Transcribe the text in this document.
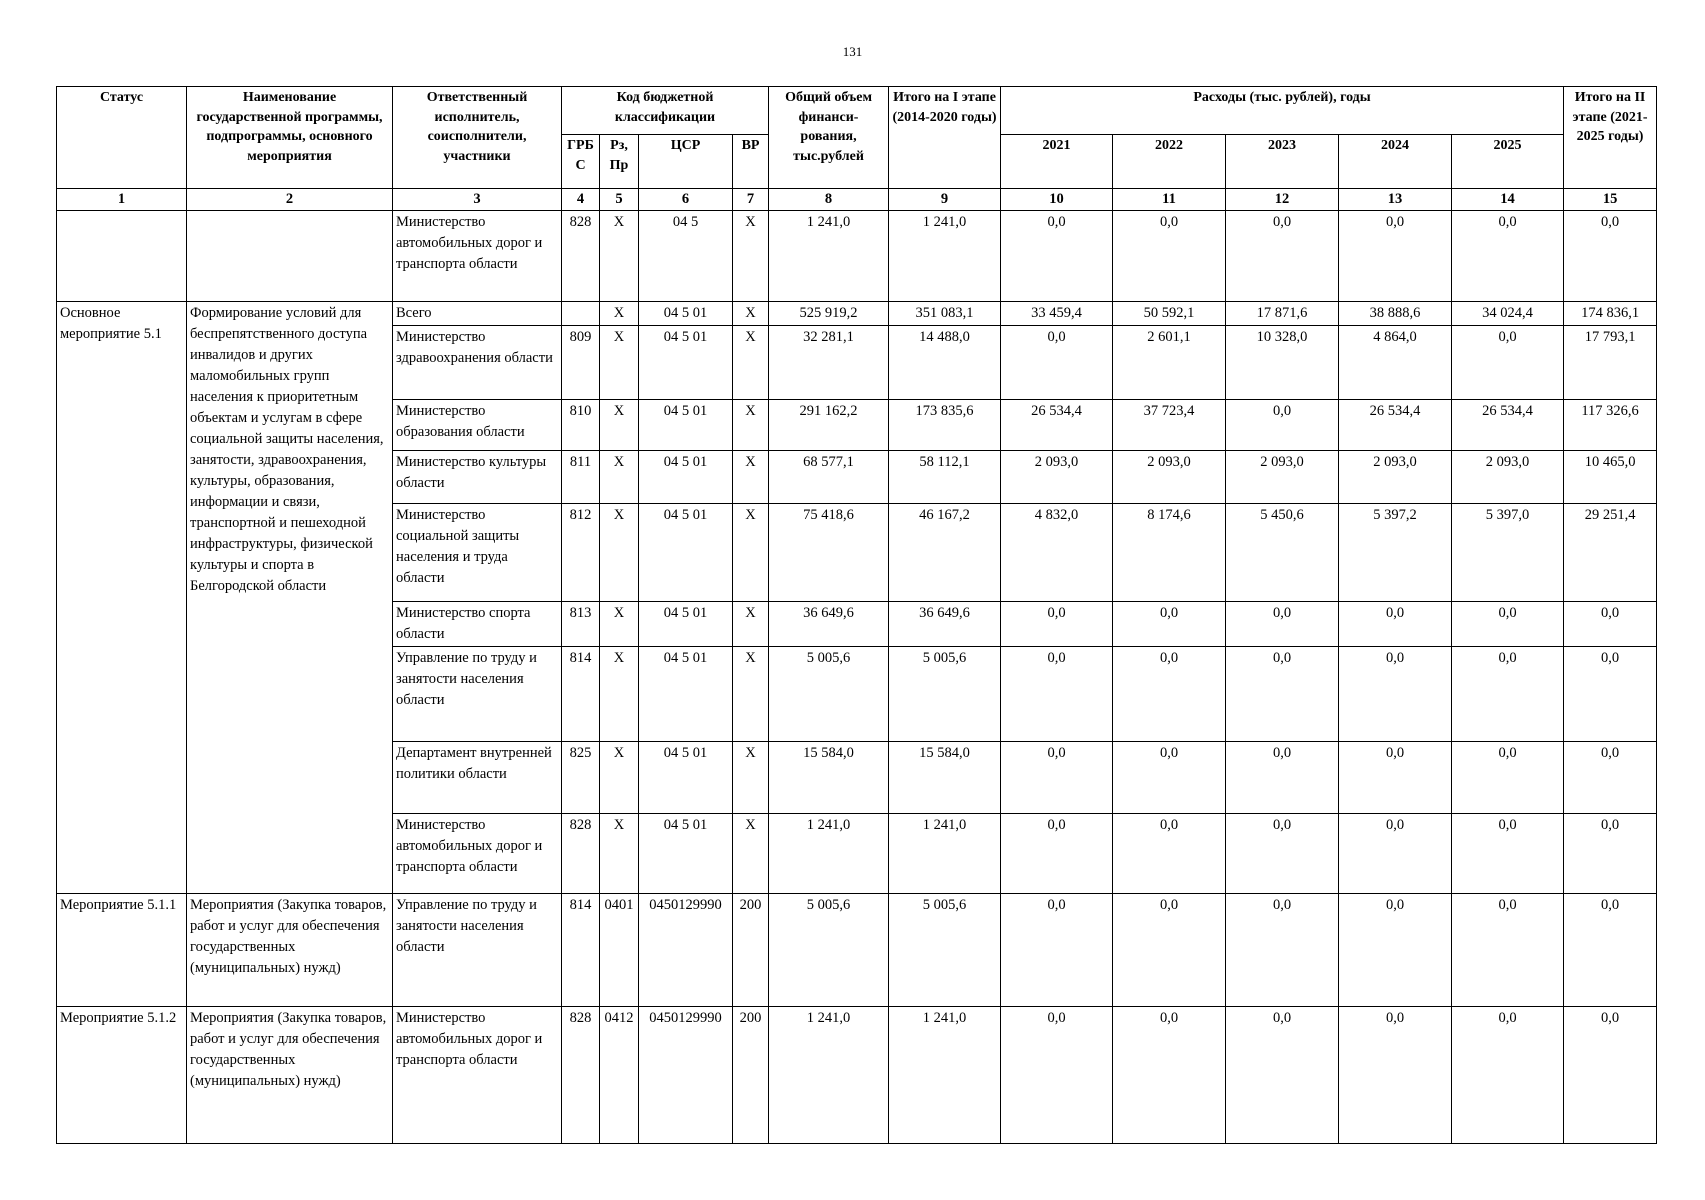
131
Статус	Наименование государственной программы, подпрограммы, основного мероприятия	Ответственный исполнитель, соисполнители, участники	Код бюджетной классификации				Общий объем финанси-рования, тыс.рублей	Итого на I этапе (2014-2020 годы)	Расходы (тыс. рублей), годы					Итого на II этапе (2021-2025 годы)
			ГРБ С	Рз, Пр	ЦСР	ВР			2021	2022	2023	2024	2025	

1	2	3	4	5	6	7	8	9	10	11	12	13	14	15
		Министерство автомобильных дорог и транспорта области	828	X	04 5	X	1 241,0	1 241,0	0,0	0,0	0,0	0,0	0,0	0,0
Основное мероприятие 5.1	Формирование условий для беспрепятственного доступа инвалидов и других маломобильных групп населения к приоритетным объектам и услугам в сфере социальной защиты населения, занятости, здравоохранения, культуры, образования, информации и связи, транспортной и пешеходной инфраструктуры, физической культуры и спорта в Белгородской области	Всего		X	04 5 01	X	525 919,2	351 083,1	33 459,4	50 592,1	17 871,6	38 888,6	34 024,4	174 836,1
		Министерство здравоохранения области	809	X	04 5 01	X	32 281,1	14 488,0	0,0	2 601,1	10 328,0	4 864,0	0,0	17 793,1
		Министерство образования области	810	X	04 5 01	X	291 162,2	173 835,6	26 534,4	37 723,4	0,0	26 534,4	26 534,4	117 326,6
		Министерство культуры области	811	X	04 5 01	X	68 577,1	58 112,1	2 093,0	2 093,0	2 093,0	2 093,0	2 093,0	10 465,0
		Министерство социальной защиты населения и труда области	812	X	04 5 01	X	75 418,6	46 167,2	4 832,0	8 174,6	5 450,6	5 397,2	5 397,0	29 251,4
		Министерство спорта области	813	X	04 5 01	X	36 649,6	36 649,6	0,0	0,0	0,0	0,0	0,0	0,0
		Управление по труду и занятости населения области	814	X	04 5 01	X	5 005,6	5 005,6	0,0	0,0	0,0	0,0	0,0	0,0
		Департамент внутренней политики области	825	X	04 5 01	X	15 584,0	15 584,0	0,0	0,0	0,0	0,0	0,0	0,0
		Министерство автомобильных дорог и транспорта области	828	X	04 5 01	X	1 241,0	1 241,0	0,0	0,0	0,0	0,0	0,0	0,0
Мероприятие 5.1.1	Мероприятия (Закупка товаров, работ и услуг для обеспечения государственных (муниципальных) нужд)	Управление по труду и занятости населения области	814	0401	0450129990	200	5 005,6	5 005,6	0,0	0,0	0,0	0,0	0,0	0,0
Мероприятие 5.1.2	Мероприятия (Закупка товаров, работ и услуг для обеспечения государственных (муниципальных) нужд)	Министерство автомобильных дорог и транспорта области	828	0412	0450129990	200	1 241,0	1 241,0	0,0	0,0	0,0	0,0	0,0	0,0
